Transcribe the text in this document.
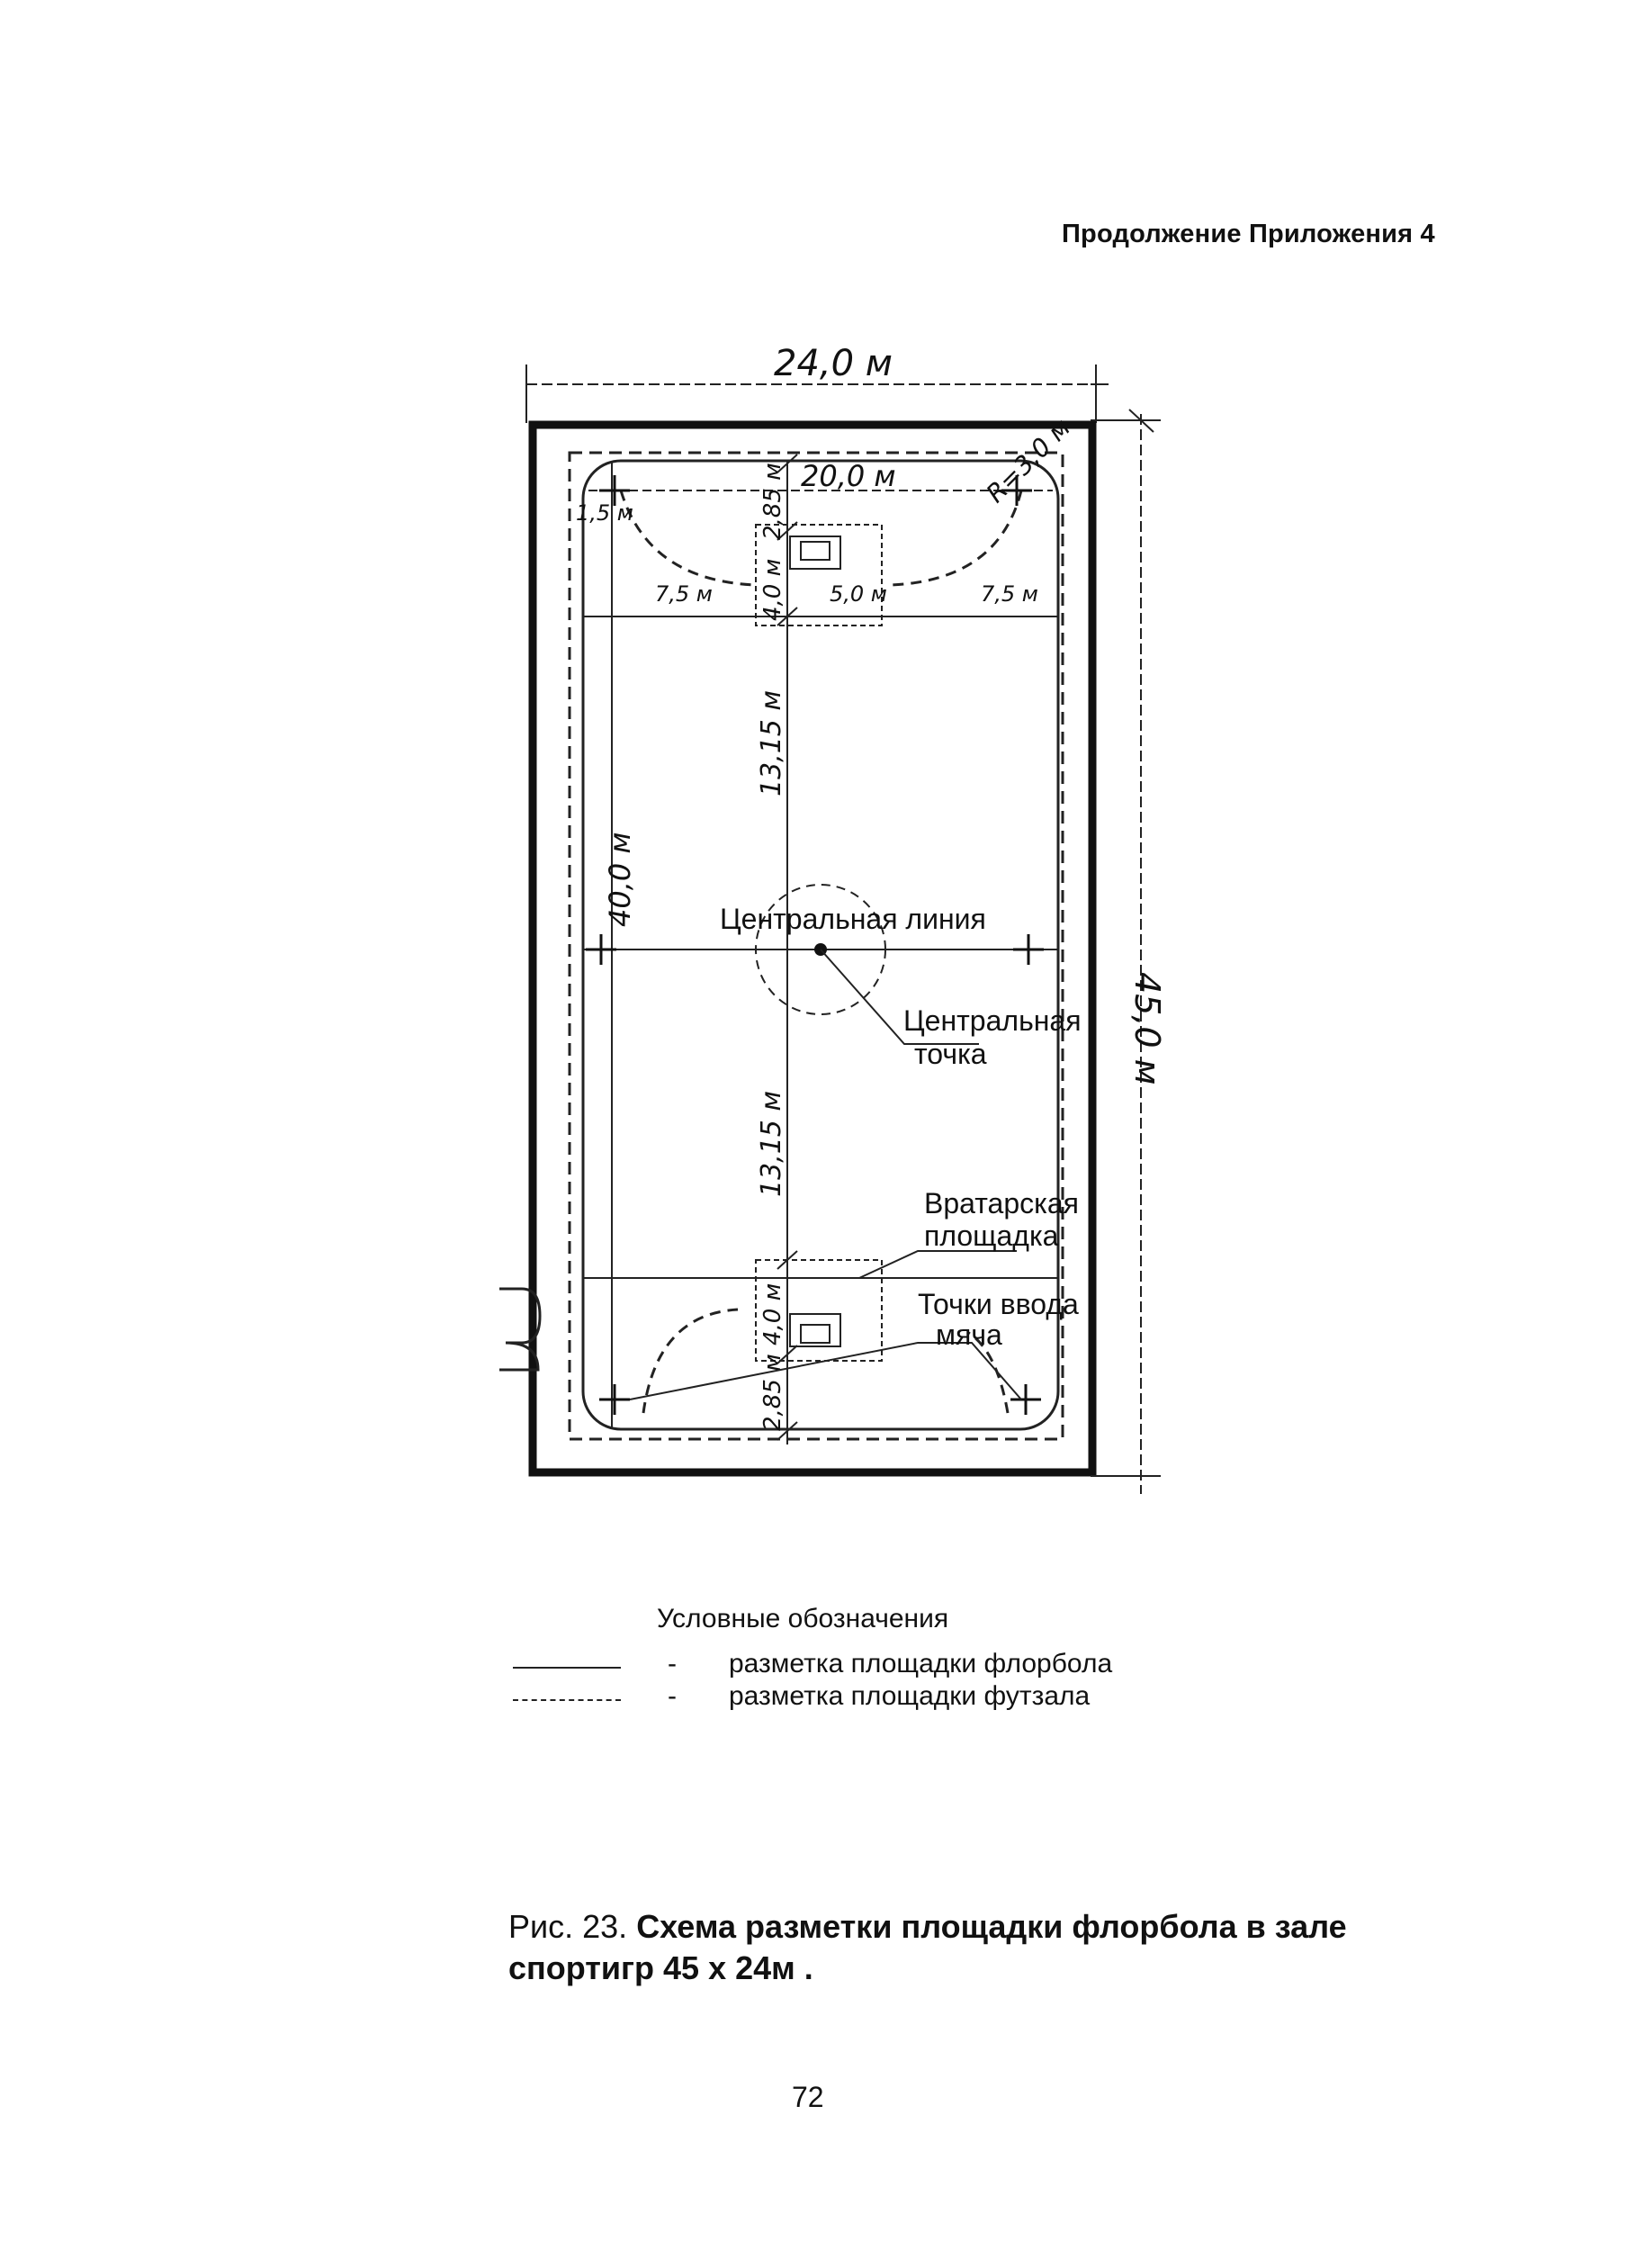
Продолжение Приложения 4
24,0 м
45,0 м
40,0 м
20,0 м	R=3,0 м
1,5 м	2,85 м
4,0 м
7,5 м	5,0 м	7,5 м
13,15 м
13,15 м
4,0 м
2,85 м
Центральная линия
Центральная
точка
Вратарская
площадка
Точки ввода
мяча
Условные обозначения
- разметка площадки флорбола
- разметка площадки футзала
Рис. 23. Схема разметки площадки флорбола в зале спортигр 45 х 24м .
72
